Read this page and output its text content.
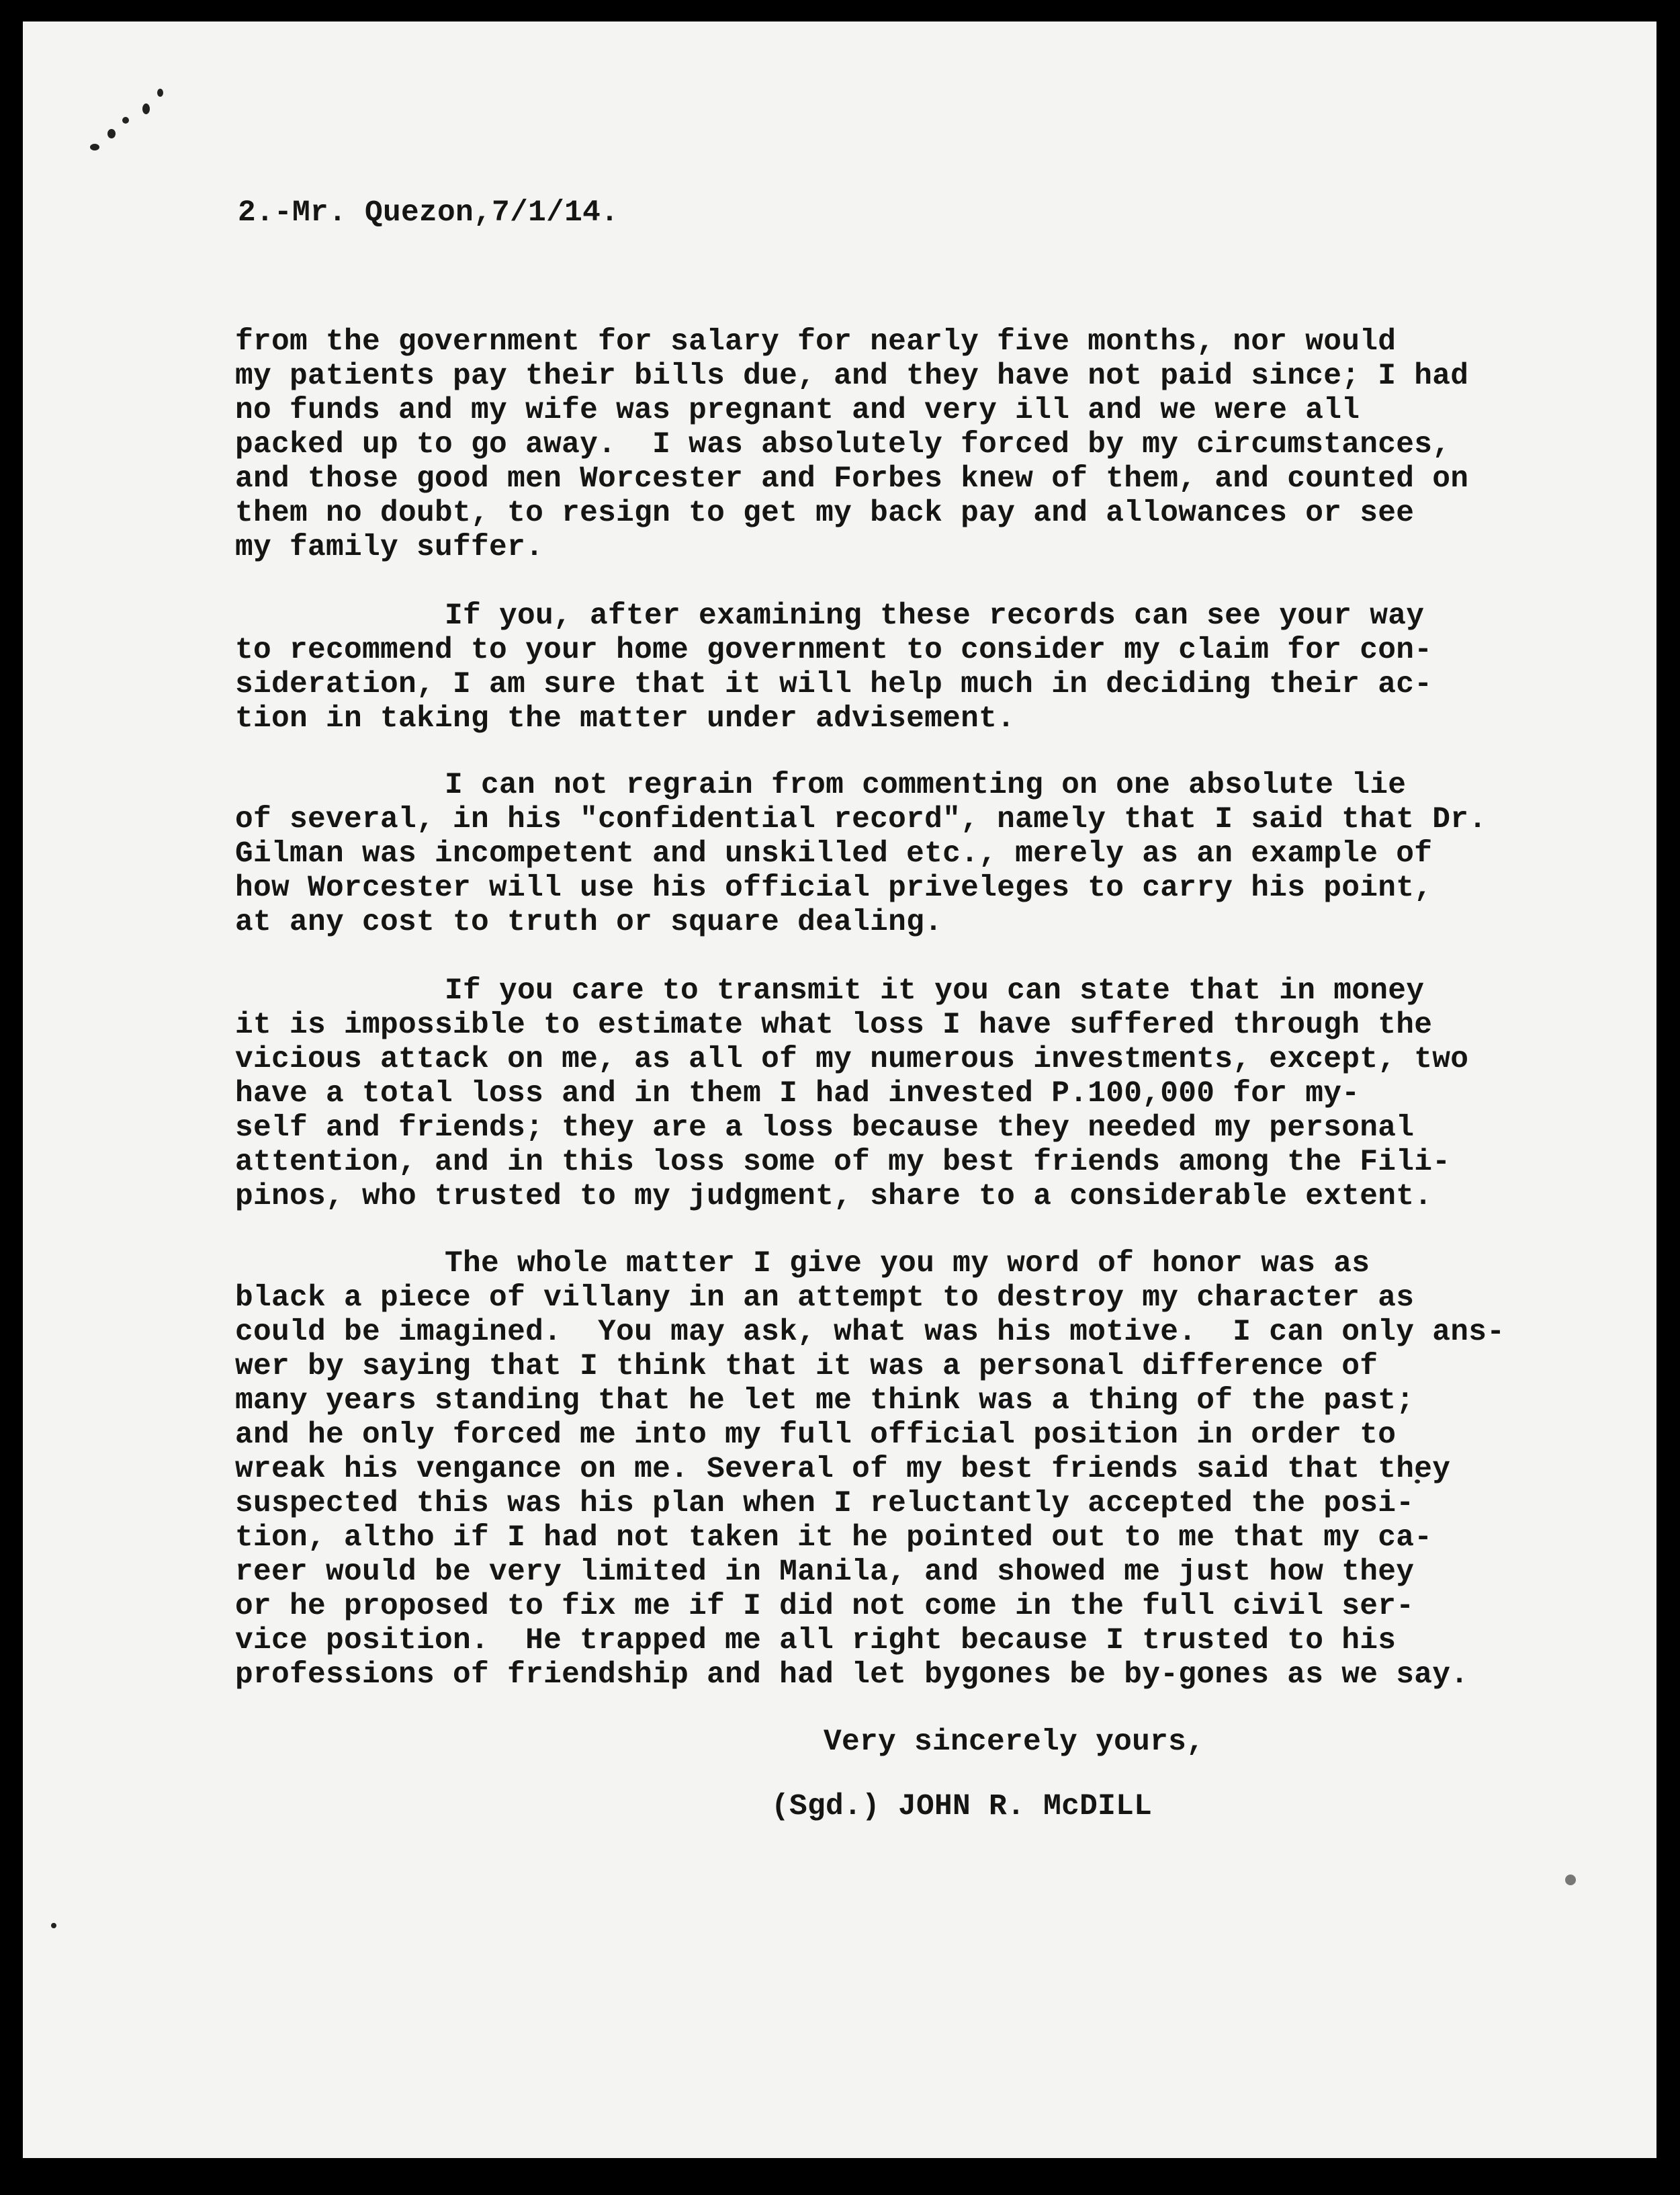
2.-Mr. Quezon,7/1/14.
from the government for salary for nearly five months, nor would
my patients pay their bills due, and they have not paid since; I had
no funds and my wife was pregnant and very ill and we were all
packed up to go away.  I was absolutely forced by my circumstances,
and those good men Worcester and Forbes knew of them, and counted on
them no doubt, to resign to get my back pay and allowances or see
my family suffer.
If you, after examining these records can see your way
to recommend to your home government to consider my claim for con-
sideration, I am sure that it will help much in deciding their ac-
tion in taking the matter under advisement.
I can not regrain from commenting on one absolute lie
of several, in his "confidential record", namely that I said that Dr.
Gilman was incompetent and unskilled etc., merely as an example of
how Worcester will use his official priveleges to carry his point,
at any cost to truth or square dealing.
If you care to transmit it you can state that in money
it is impossible to estimate what loss I have suffered through the
vicious attack on me, as all of my numerous investments, except, two
have a total loss and in them I had invested P.100,000 for my-
self and friends; they are a loss because they needed my personal
attention, and in this loss some of my best friends among the Fili-
pinos, who trusted to my judgment, share to a considerable extent.
The whole matter I give you my word of honor was as
black a piece of villany in an attempt to destroy my character as
could be imagined.  You may ask, what was his motive.  I can only ans-
wer by saying that I think that it was a personal difference of
many years standing that he let me think was a thing of the past;
and he only forced me into my full official position in order to
wreak his vengance on me. Several of my best friends said that they
suspected this was his plan when I reluctantly accepted the posi-
tion, altho if I had not taken it he pointed out to me that my ca-
reer would be very limited in Manila, and showed me just how they
or he proposed to fix me if I did not come in the full civil ser-
vice position.  He trapped me all right because I trusted to his
professions of friendship and had let bygones be by-gones as we say.
Very sincerely yours,
(Sgd.) JOHN R. McDILL
